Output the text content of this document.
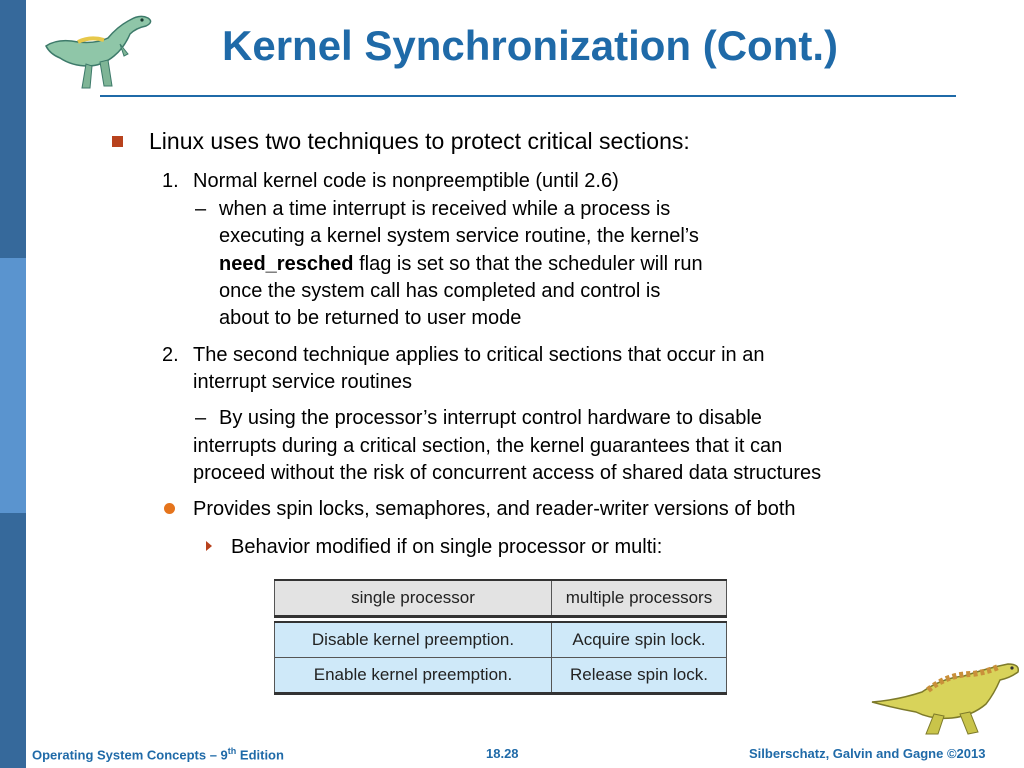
Kernel Synchronization (Cont.)
Linux uses two techniques to protect critical sections:
1. Normal kernel code is nonpreemptible (until 2.6)
– when a time interrupt is received while a process is
executing a kernel system service routine, the kernel’s
need_resched flag is set so that the scheduler will run
once the system call has completed and control is
about to be returned to user mode
2. The second technique applies to critical sections that occur in an
interrupt service routines
– By using the processor’s interrupt control hardware to disable
interrupts during a critical section, the kernel guarantees that it can
proceed without the risk of concurrent access of shared data structures
Provides spin locks, semaphores, and reader-writer versions of both
Behavior modified if on single processor or multi:
single processor	multiple processors
Disable kernel preemption.	Acquire spin lock.
Enable kernel preemption.	Release spin lock.
Operating System Concepts – 9th Edition	18.28	Silberschatz, Galvin and Gagne ©2013
